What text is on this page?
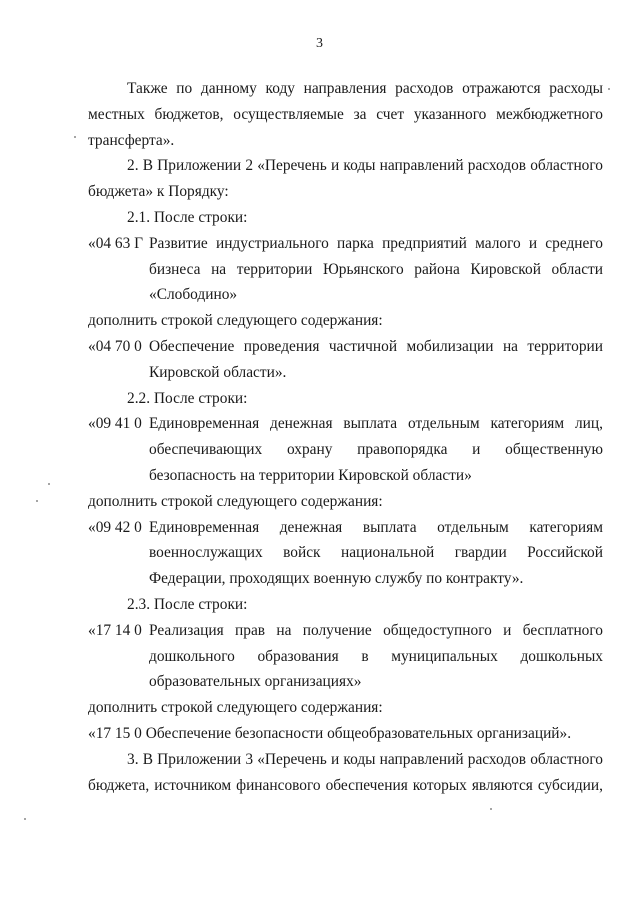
3

Также по данному коду направления расходов отражаются расходы

местных бюджетов, осуществляемые за счет указанного межбюджетного

трансферта».

2. В Приложении 2 «Перечень и коды направлений расходов областного

бюджета» к Порядку:

2.1. После строки:

«04 63 Г Развитие индустриального парка предприятий малого и среднего
бизнеса на территории Юрьянского района Кировской области
«Слободино»

дополнить строкой следующего содержания:

«04 70 0 Обеспечение проведения частичной мобилизации на территории
Кировской области».

2.2. После строки:

«09 41 0 Единовременная денежная выплата отдельным категориям лиц,
обеспечивающих охрану правопорядка и общественную
безопасность на территории Кировской области»

дополнить строкой следующего содержания:

«09 42 0 Единовременная денежная выплата отдельным категориям
военнослужащих войск национальной гвардии Российской
Федерации, проходящих военную службу по контракту».

2.3. После строки:

«17 14 0 Реализация прав на получение общедоступного и бесплатного
дошкольного образования в муниципальных дошкольных
образовательных организациях»

дополнить строкой следующего содержания:

«17 15 0 Обеспечение безопасности общеобразовательных организаций».

3. В Приложении 3 «Перечень и коды направлений расходов областного

бюджета, источником финансового обеспечения которых являются субсидии,
